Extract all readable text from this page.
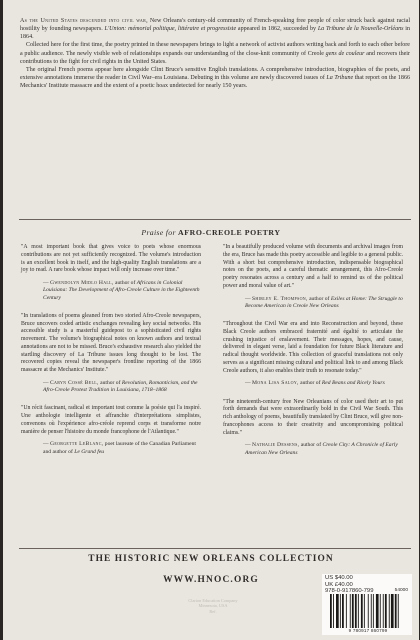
As the United States descended into civil war, New Orleans's century-old community of French-speaking free people of color struck back against racial hostility by founding newspapers. L'Union: mémorial politique, littéraire et progressiste appeared in 1862, succeeded by La Tribune de la Nouvelle-Orléans in 1864.

Collected here for the first time, the poetry printed in these newspapers brings to light a network of activist authors writing back and forth to each other before a public audience. The newly visible web of relationships expands our understanding of the close-knit community of Creole gens de couleur and recovers their contributions to the fight for civil rights in the United States.

The original French poems appear here alongside Clint Bruce's sensitive English translations. A comprehensive introduction, biographies of the poets, and extensive annotations immerse the reader in Civil War–era Louisiana. Debuting in this volume are newly discovered issues of La Tribune that report on the 1866 Mechanics' Institute massacre and the extent of a poetic hoax undetected for nearly 150 years.

Praise for AFRO-CREOLE POETRY

"A most important book that gives voice to poets whose enormous contributions are not yet sufficiently recognized. The volume's introduction is an excellent book in itself, and the high-quality English translations are a joy to read. A rare book whose impact will only increase over time."

— Gwendolyn Midlo Hall, author of Africans in Colonial Louisiana: The Development of Afro-Creole Culture in the Eighteenth Century

"In translations of poems gleaned from two storied Afro-Creole newspapers, Bruce uncovers coded artistic exchanges revealing key social networks. His accessible study is a masterful guidepost to a sophisticated civil rights movement. The volume's biographical notes on known authors and textual annotations are not to be missed. Bruce's exhaustive research also yielded the startling discovery of La Tribune issues long thought to be lost. The recovered copies reveal the newspaper's frontline reporting of the 1866 massacre at the Mechanics' Institute."

— Caryn Cossé Bell, author of Revolution, Romanticism, and the Afro-Creole Protest Tradition in Louisiana, 1718–1868

"Un récit fascinant, radical et important tout comme la poésie qui l'a inspiré. Une anthologie intelligente et affranchie d'interprétations simplistes, convenons où l'expérience afro-créole reprend corps et transforme notre manière de penser l'histoire du monde francophone de l'Atlantique."

— Georgette LeBlanc, poet laureate of the Canadian Parliament and author of Le Grand feu

"In a beautifully produced volume with documents and archival images from the era, Bruce has made this poetry accessible and legible to a general public. With a short but comprehensive introduction, indispensable biographical notes on the poets, and a careful thematic arrangement, this Afro-Creole poetry resonates across a century and a half to remind us of the political power and moral value of art."

— Shirley E. Thompson, author of Exiles at Home: The Struggle to Become American in Creole New Orleans

"Throughout the Civil War era and into Reconstruction and beyond, these Black Creole authors embraced fraternité and égalité to articulate the crushing injustice of enslavement. Their messages, hopes, and cause, delivered in elegant verse, laid a foundation for future Black literature and radical thought worldwide. This collection of graceful translations not only serves as a significant missing cultural and political link to and among Black Creole authors, it also enables their truth to resonate today."

— Mona Lisa Saloy, author of Red Beans and Ricely Yours

"The nineteenth-century free New Orleanians of color used their art to put forth demands that were extraordinarily bold in the Civil War South. This rich anthology of poems, beautifully translated by Clint Bruce, will give non-francophones access to their creativity and uncompromising political claims."

— Nathalie Dessens, author of Creole City: A Chronicle of Early American New Orleans
THE HISTORIC NEW ORLEANS COLLECTION
WWW.HNOC.ORG
Clarion Education Company
Minnesota, USA
Ref.
US $40.00
UK £40.00
978-0-917860-799	54000
9 780917 860799
